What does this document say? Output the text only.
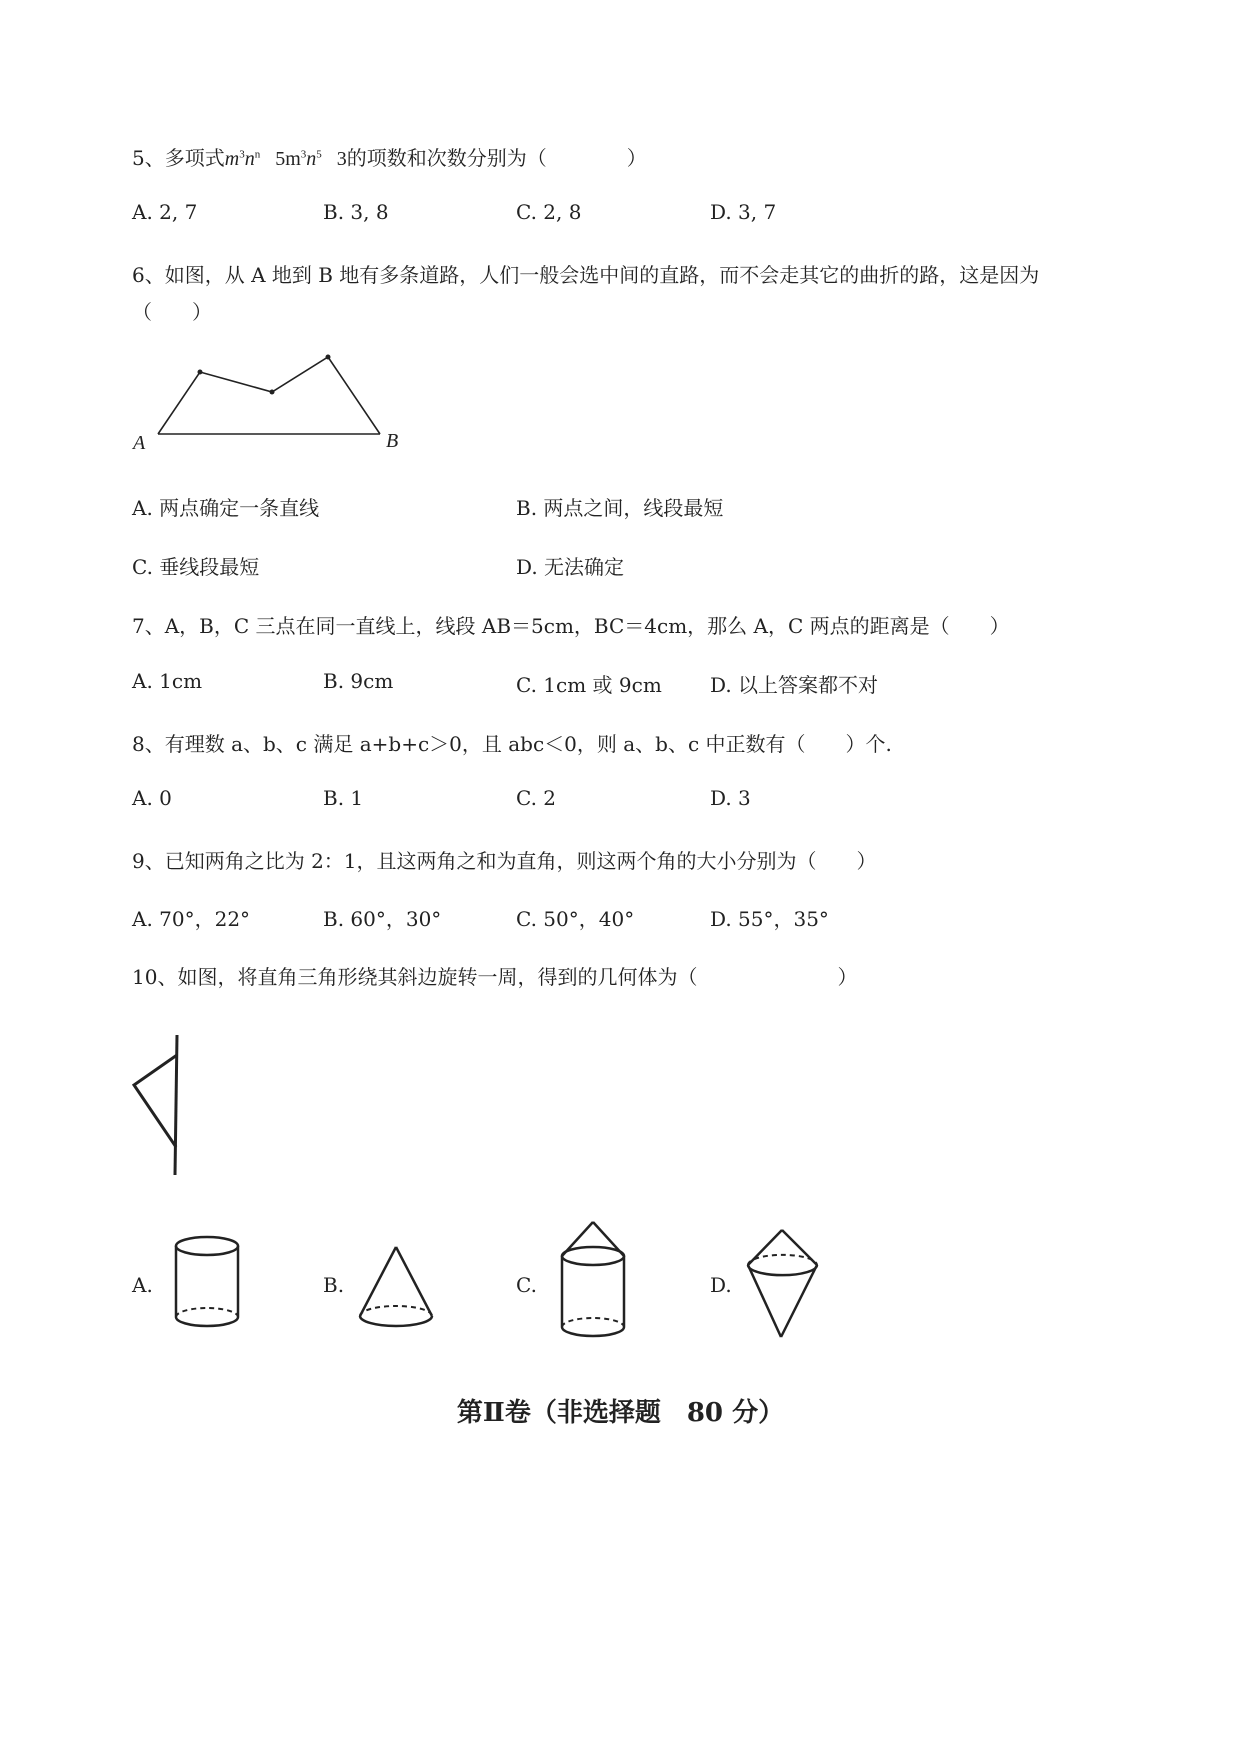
5、多项式$m^3n^n$ $5m^3n^5$ 3的项数和次数分别为（　　　　）
A. 2, 7	B. 3, 8	C. 2, 8	D. 3, 7
6、如图，从 A 地到 B 地有多条道路，人们一般会选中间的直路，而不会走其它的曲折的路，这是因为
（　　）
A	B
A. 两点确定一条直线	B. 两点之间，线段最短
C. 垂线段最短	D. 无法确定
7、A，B，C 三点在同一直线上，线段 AB＝5cm，BC＝4cm，那么 A，C 两点的距离是（　　）
A. 1cm	B. 9cm	C. 1cm 或 9cm D. 以上答案都不对
8、有理数 a、b、c 满足 a+b+c＞0，且 abc＜0，则 a、b、c 中正数有（　　）个.
A. 0	B. 1	C. 2	D. 3
9、已知两角之比为 2：1，且这两角之和为直角，则这两个角的大小分别为（　　）
A. 70°，22°	B. 60°，30°	C. 50°，40°	D. 55°，35°
10、如图，将直角三角形绕其斜边旋转一周，得到的几何体为（　　　　　　　）
A.	B.	C.	D.
第Ⅱ卷（非选择题　80 分）
